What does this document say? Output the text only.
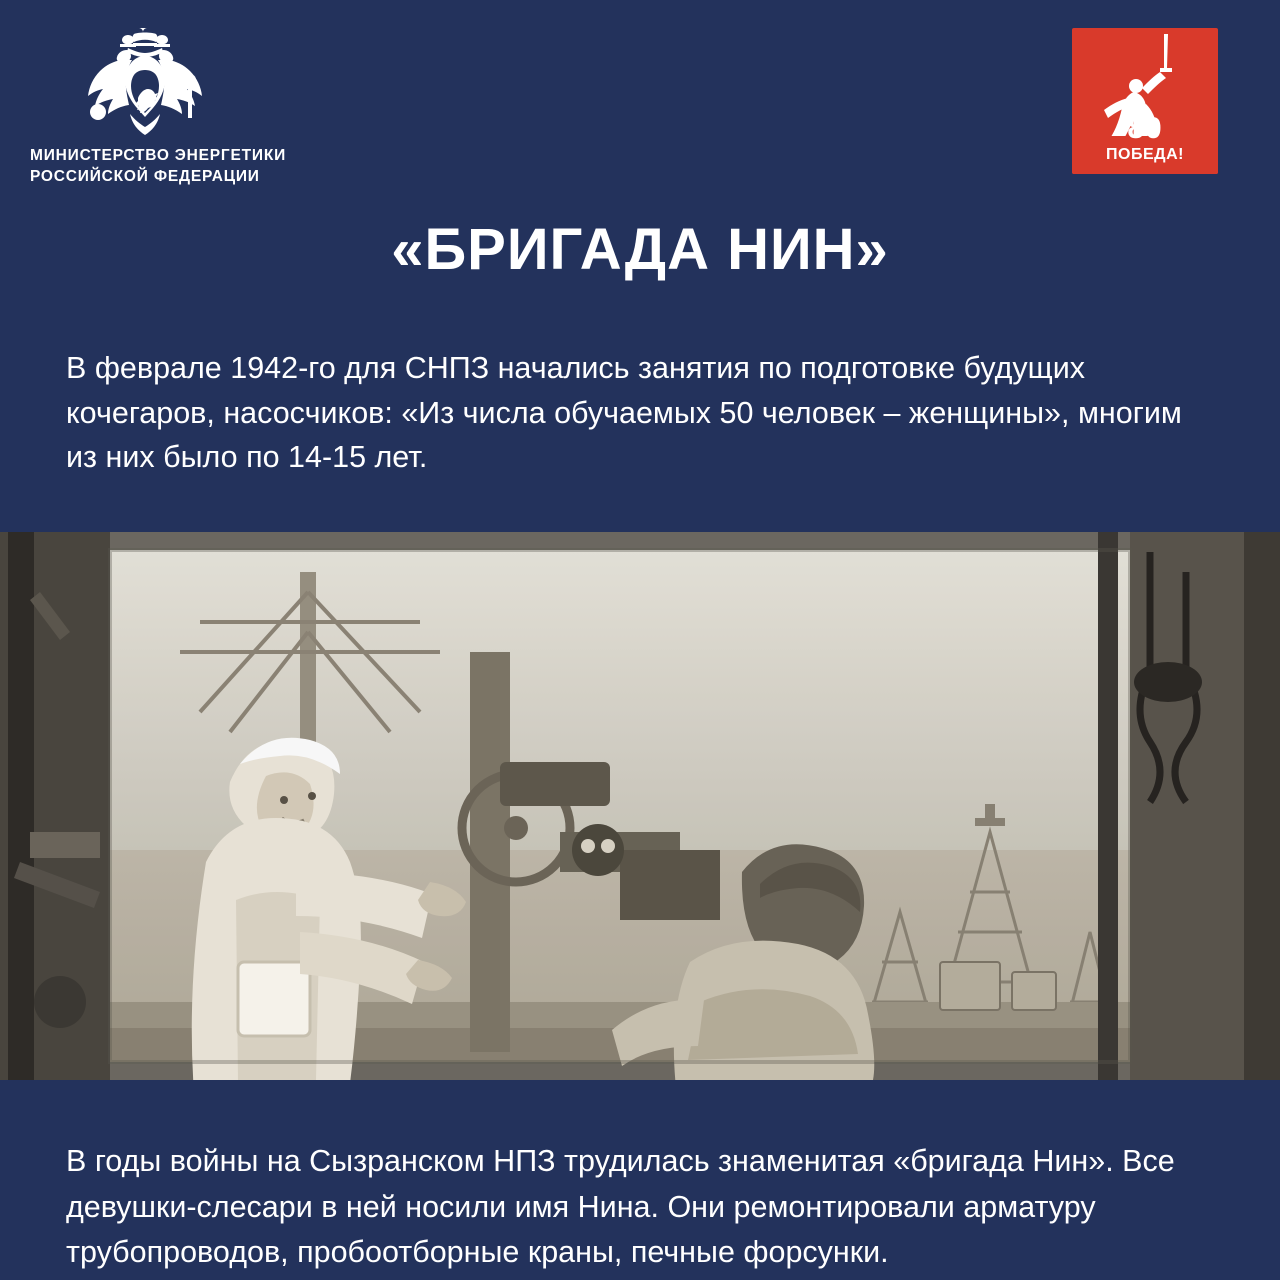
МИНИСТЕРСТВО ЭНЕРГЕТИКИ
РОССИЙСКОЙ ФЕДЕРАЦИИ
80
ПОБЕДА!
«БРИГАДА НИН»

В феврале 1942-го для СНПЗ начались занятия по подготовке будущих кочегаров, насосчиков: «Из числа обучаемых 50 человек – женщины», многим из них было по 14-15 лет.

В годы войны на Сызранском НПЗ трудилась знаменитая «бригада Нин». Все девушки-слесари в ней носили имя Нина. Они ремонтировали арматуру трубопроводов, пробоотборные краны, печные форсунки.
